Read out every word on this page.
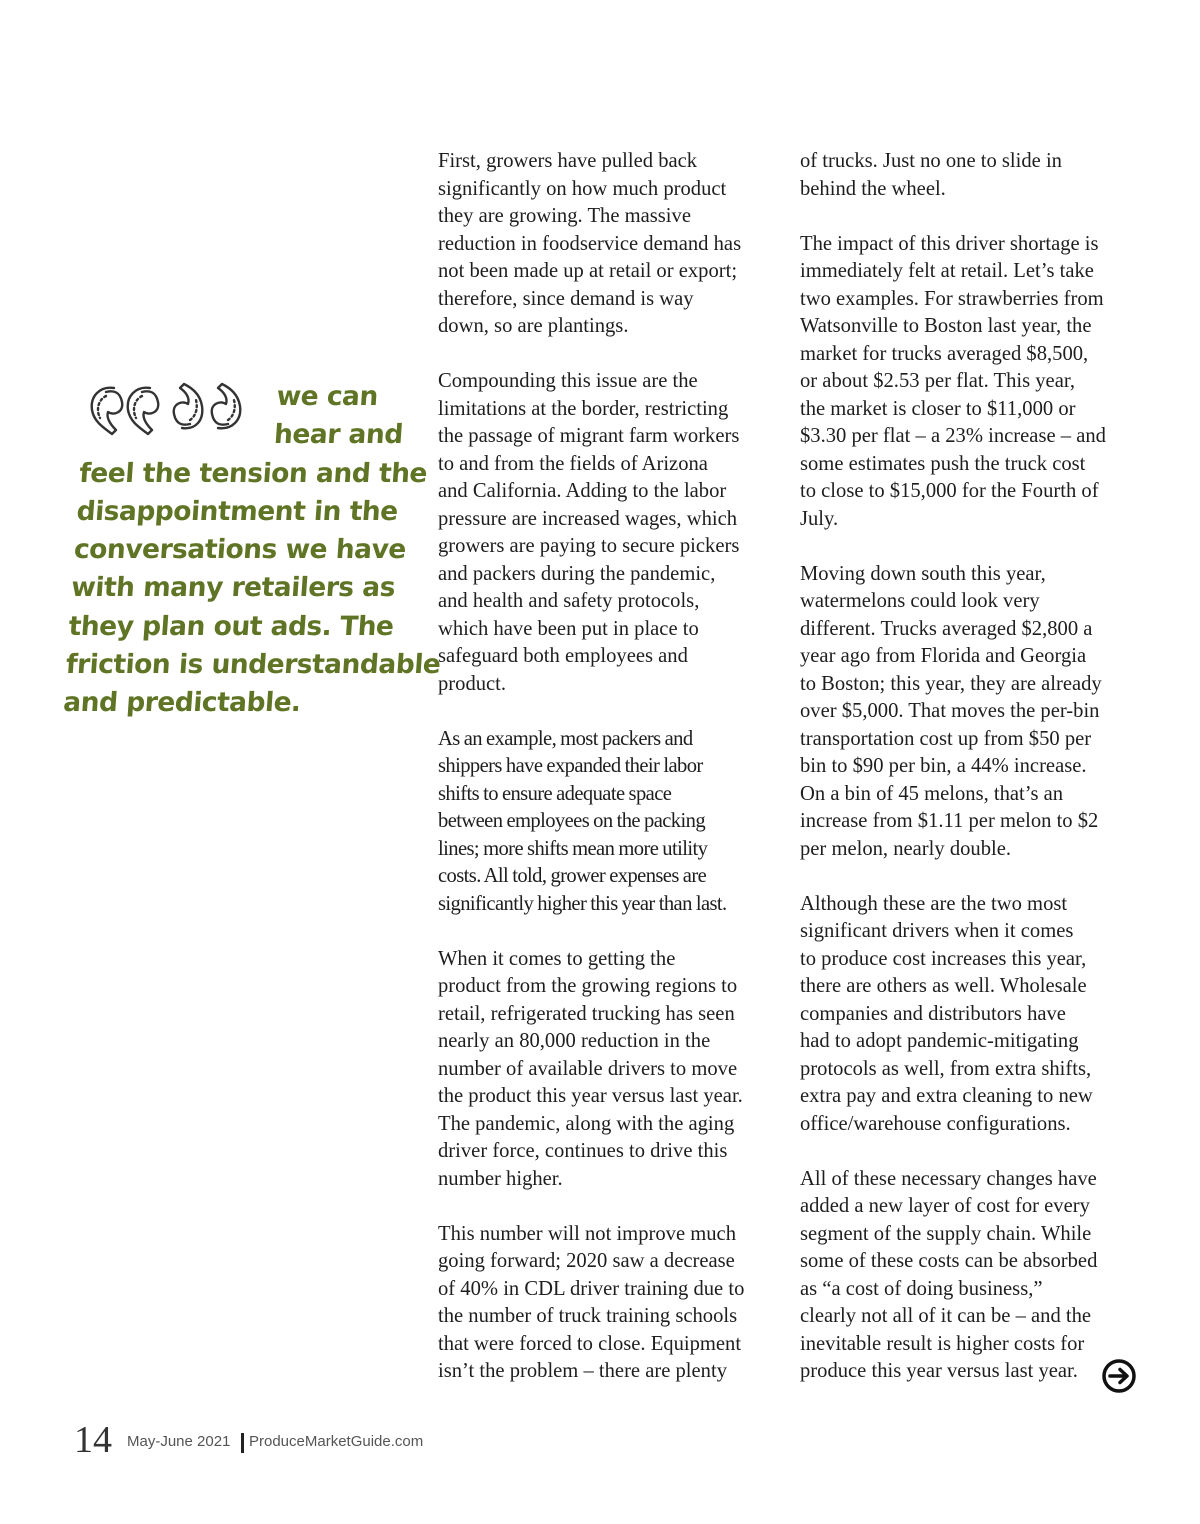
we can
hear and
feel the tension and the
disappointment in the
conversations we have
with many retailers as
they plan out ads. The
friction is understandable
and predictable.

First, growers have pulled back
significantly on how much product
they are growing. The massive
reduction in foodservice demand has
not been made up at retail or export;
therefore, since demand is way
down, so are plantings.

Compounding this issue are the
limitations at the border, restricting
the passage of migrant farm workers
to and from the fields of Arizona
and California. Adding to the labor
pressure are increased wages, which
growers are paying to secure pickers
and packers during the pandemic,
and health and safety protocols,
which have been put in place to
safeguard both employees and
product.

As an example, most packers and
shippers have expanded their labor
shifts to ensure adequate space
between employees on the packing
lines; more shifts mean more utility
costs. All told, grower expenses are
significantly higher this year than last.

When it comes to getting the
product from the growing regions to
retail, refrigerated trucking has seen
nearly an 80,000 reduction in the
number of available drivers to move
the product this year versus last year.
The pandemic, along with the aging
driver force, continues to drive this
number higher.

This number will not improve much
going forward; 2020 saw a decrease
of 40% in CDL driver training due to
the number of truck training schools
that were forced to close. Equipment
isn’t the problem – there are plenty

of trucks. Just no one to slide in
behind the wheel.

The impact of this driver shortage is
immediately felt at retail. Let’s take
two examples. For strawberries from
Watsonville to Boston last year, the
market for trucks averaged $8,500,
or about $2.53 per flat. This year,
the market is closer to $11,000 or
$3.30 per flat – a 23% increase – and
some estimates push the truck cost
to close to $15,000 for the Fourth of
July.

Moving down south this year,
watermelons could look very
different. Trucks averaged $2,800 a
year ago from Florida and Georgia
to Boston; this year, they are already
over $5,000. That moves the per-bin
transportation cost up from $50 per
bin to $90 per bin, a 44% increase.
On a bin of 45 melons, that’s an
increase from $1.11 per melon to $2
per melon, nearly double.

Although these are the two most
significant drivers when it comes
to produce cost increases this year,
there are others as well. Wholesale
companies and distributors have
had to adopt pandemic-mitigating
protocols as well, from extra shifts,
extra pay and extra cleaning to new
office/warehouse configurations.

All of these necessary changes have
added a new layer of cost for every
segment of the supply chain. While
some of these costs can be absorbed
as “a cost of doing business,”
clearly not all of it can be – and the
inevitable result is higher costs for
produce this year versus last year.

14 May-June 2021 ProduceMarketGuide.com
